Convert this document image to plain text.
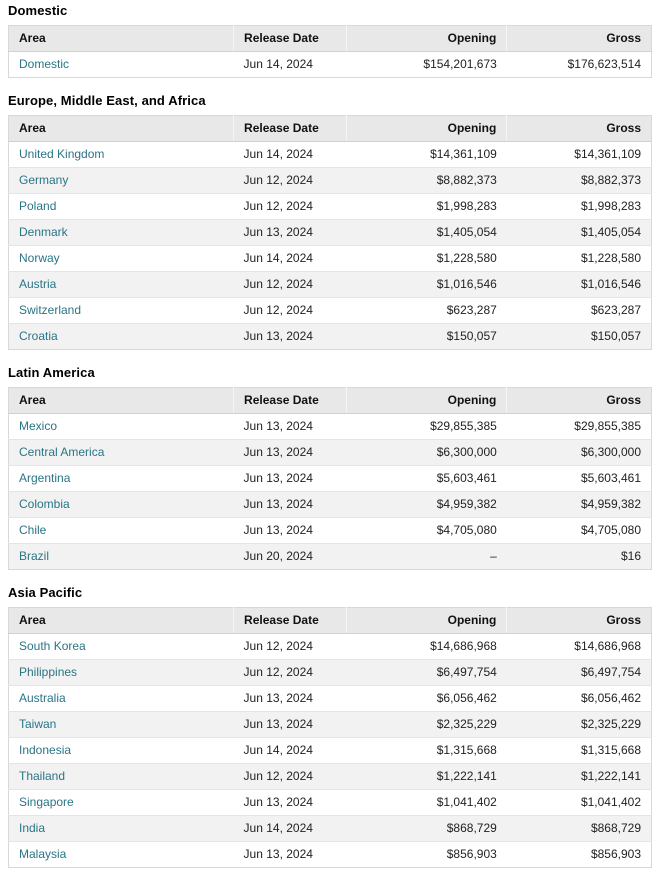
Domestic
Area	Release Date	Opening	Gross
Domestic	Jun 14, 2024	$154,201,673	$176,623,514
Europe, Middle East, and Africa
Area	Release Date	Opening	Gross
United Kingdom	Jun 14, 2024	$14,361,109	$14,361,109
Germany	Jun 12, 2024	$8,882,373	$8,882,373
Poland	Jun 12, 2024	$1,998,283	$1,998,283
Denmark	Jun 13, 2024	$1,405,054	$1,405,054
Norway	Jun 14, 2024	$1,228,580	$1,228,580
Austria	Jun 12, 2024	$1,016,546	$1,016,546
Switzerland	Jun 12, 2024	$623,287	$623,287
Croatia	Jun 13, 2024	$150,057	$150,057
Latin America
Area	Release Date	Opening	Gross
Mexico	Jun 13, 2024	$29,855,385	$29,855,385
Central America	Jun 13, 2024	$6,300,000	$6,300,000
Argentina	Jun 13, 2024	$5,603,461	$5,603,461
Colombia	Jun 13, 2024	$4,959,382	$4,959,382
Chile	Jun 13, 2024	$4,705,080	$4,705,080
Brazil	Jun 20, 2024	–	$16
Asia Pacific
Area	Release Date	Opening	Gross
South Korea	Jun 12, 2024	$14,686,968	$14,686,968
Philippines	Jun 12, 2024	$6,497,754	$6,497,754
Australia	Jun 13, 2024	$6,056,462	$6,056,462
Taiwan	Jun 13, 2024	$2,325,229	$2,325,229
Indonesia	Jun 14, 2024	$1,315,668	$1,315,668
Thailand	Jun 12, 2024	$1,222,141	$1,222,141
Singapore	Jun 13, 2024	$1,041,402	$1,041,402
India	Jun 14, 2024	$868,729	$868,729
Malaysia	Jun 13, 2024	$856,903	$856,903
